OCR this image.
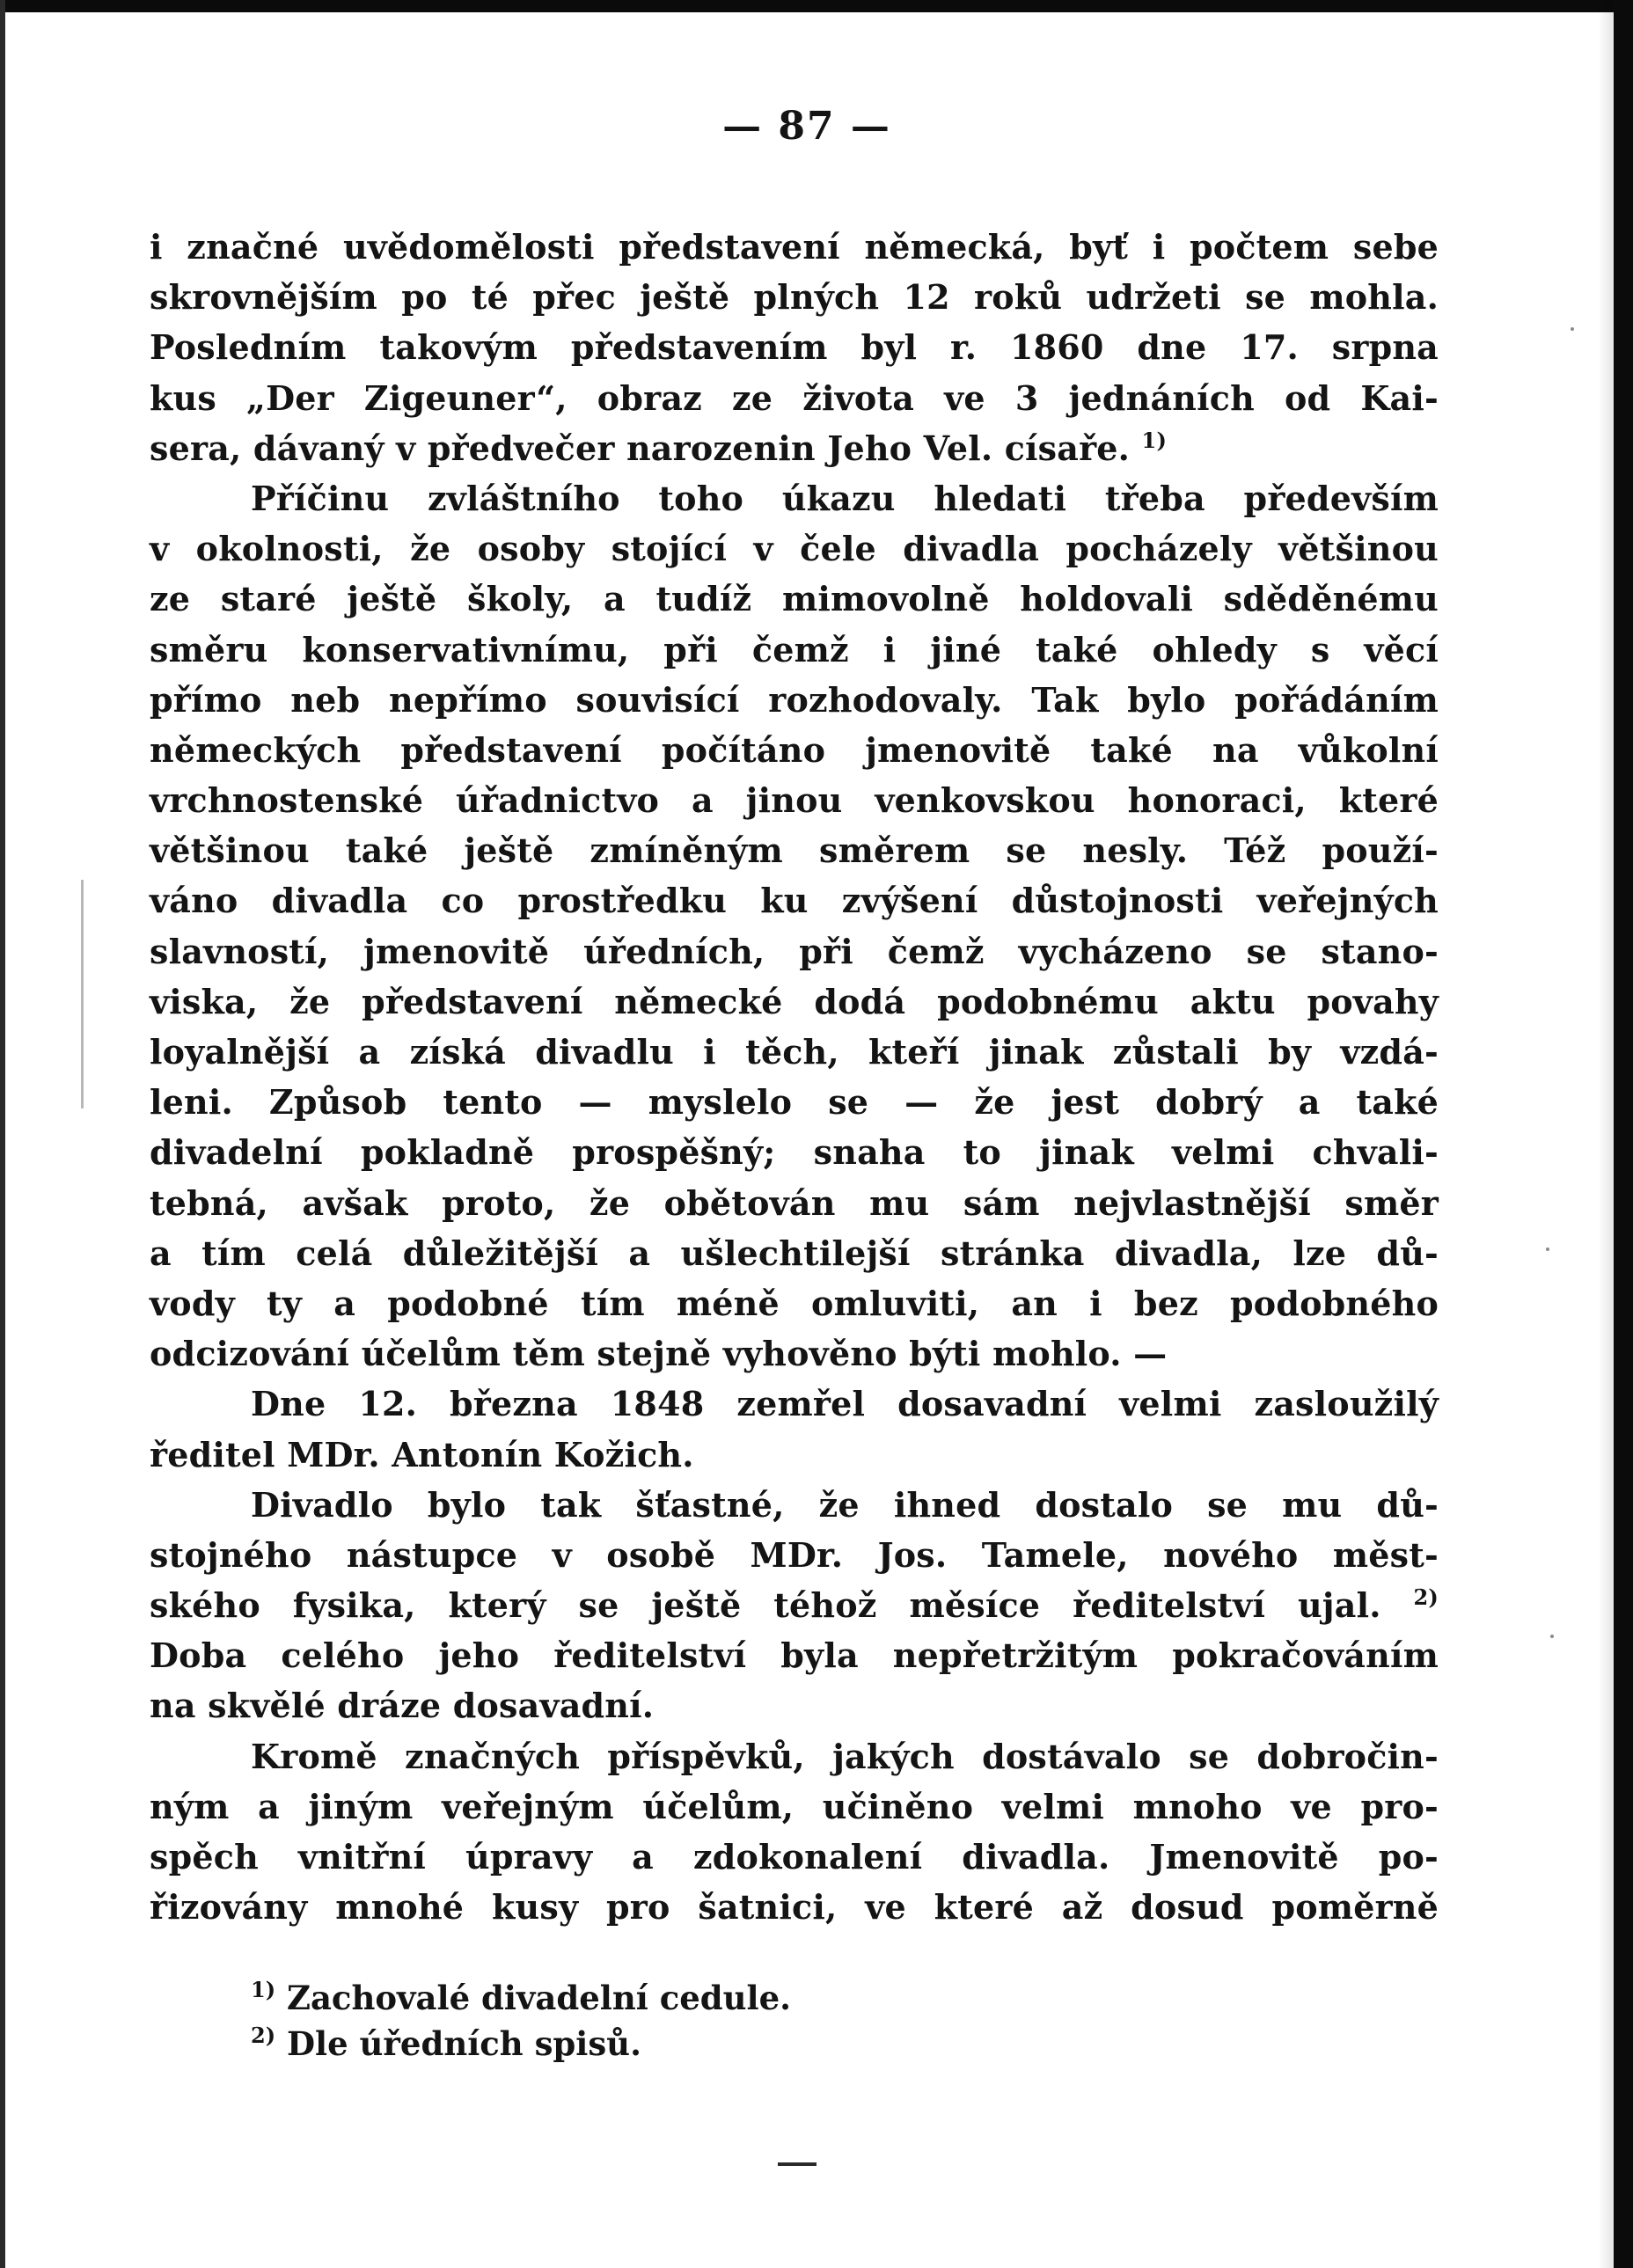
— 87 —
i značné uvědomělosti představení německá, byť i počtem sebe
skrovnějším po té přec ještě plných 12 roků udržeti se mohla.
Posledním takovým představením byl r. 1860 dne 17. srpna
kus „Der Zigeuner“, obraz ze života ve 3 jednáních od Kai-
sera, dávaný v předvečer narozenin Jeho Vel. císaře. $^{1)}$
Příčinu zvláštního toho úkazu hledati třeba především
v okolnosti, že osoby stojící v čele divadla pocházely většinou
ze staré ještě školy, a tudíž mimovolně holdovali sděděnému
směru konservativnímu, při čemž i jiné také ohledy s věcí
přímo neb nepřímo souvisící rozhodovaly. Tak bylo pořádáním
německých představení počítáno jmenovitě také na vůkolní
vrchnostenské úřadnictvo a jinou venkovskou honoraci, které
většinou také ještě zmíněným směrem se nesly. Též použí-
váno divadla co prostředku ku zvýšení důstojnosti veřejných
slavností, jmenovitě úředních, při čemž vycházeno se stano-
viska, že představení německé dodá podobnému aktu povahy
loyalnější a získá divadlu i těch, kteří jinak zůstali by vzdá-
leni. Způsob tento — myslelo se — že jest dobrý a také
divadelní pokladně prospěšný; snaha to jinak velmi chvali-
tebná, avšak proto, že obětován mu sám nejvlastnější směr
a tím celá důležitější a ušlechtilejší stránka divadla, lze dů-
vody ty a podobné tím méně omluviti, an i bez podobného
odcizování účelům těm stejně vyhověno býti mohlo. —
Dne 12. března 1848 zemřel dosavadní velmi zasloužilý
ředitel MDr. Antonín Kožich.
Divadlo bylo tak šťastné, že ihned dostalo se mu dů-
stojného nástupce v osobě MDr. Jos. Tamele, nového měst-
ského fysika, který se ještě téhož měsíce ředitelství ujal. $^{2)}$
Doba celého jeho ředitelství byla nepřetržitým pokračováním
na skvělé dráze dosavadní.
Kromě značných příspěvků, jakých dostávalo se dobročin-
ným a jiným veřejným účelům, učiněno velmi mnoho ve pro-
spěch vnitřní úpravy a zdokonalení divadla. Jmenovitě po-
řizovány mnohé kusy pro šatnici, ve které až dosud poměrně
$^{1)}$ Zachovalé divadelní cedule.
$^{2)}$ Dle úředních spisů.
